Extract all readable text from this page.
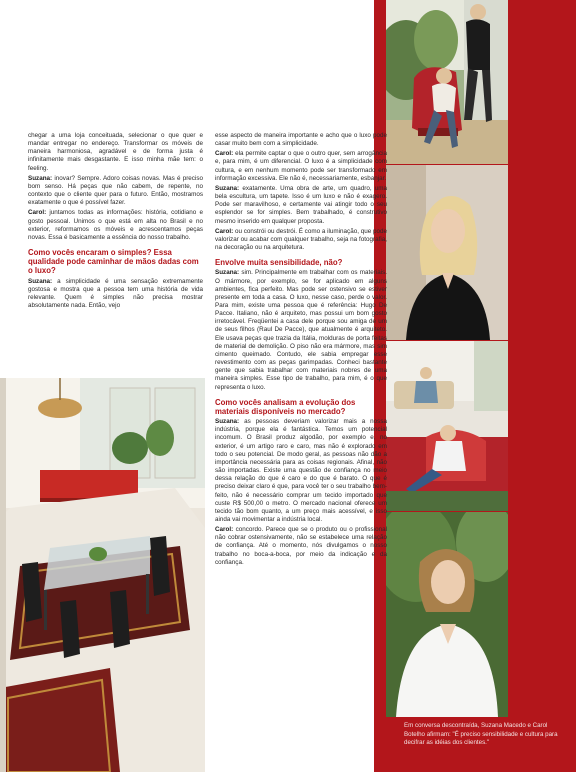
chegar a uma loja conceituada, selecionar o que quer e mandar entregar no endereço. Transformar os móveis de maneira harmoniosa, agradável e de forma justa é infinitamente mais desgastante. E isso minha mãe tem: o feeling.

Suzana: inovar? Sempre. Adoro coisas novas. Mas é preciso bom senso. Há peças que não cabem, de repente, no contexto que o cliente quer para o futuro. Então, mostramos exatamente o que é possível fazer.

Carol: juntamos todas as informações: história, cotidiano e gosto pessoal. Unimos o que está em alta no Brasil e no exterior, reformamos os móveis e acrescentamos peças novas. Essa é basicamente a essência do nosso trabalho.

Como vocês encaram o simples? Essa qualidade pode caminhar de mãos dadas com o luxo?

Suzana: a simplicidade é uma sensação extremamente gostosa e mostra que a pessoa tem uma história de vida relevante. Quem é simples não precisa mostrar absolutamente nada. Então, vejo

esse aspecto de maneira importante e acho que o luxo pode casar muito bem com a simplicidade.

Carol: ela permite captar o que o outro quer, sem arrogância e, para mim, é um diferencial. O luxo é a simplicidade com cultura, e em nenhum momento pode ser transformado em informação excessiva. Ele não é, necessariamente, esbanjar.

Suzana: exatamente. Uma obra de arte, um quadro, uma bela escultura, um tapete. Isso é um luxo e não é exagero. Pode ser maravilhoso, e certamente vai atingir todo o seu esplendor se for simples. Bem trabalhado, é construtivo mesmo inserido em qualquer proposta.

Carol: ou constrói ou destrói. É como a iluminação, que pode valorizar ou acabar com qualquer trabalho, seja na fotografia, na decoração ou na arquitetura.

Envolve muita sensibilidade, não?

Suzana: sim. Principalmente em trabalhar com os materiais. O mármore, por exemplo, se for aplicado em alguns ambientes, fica perfeito. Mas pode ser ostensivo se estiver presente em toda a casa. O luxo, nesse caso, perde o valor. Para mim, existe uma pessoa que é referência: Hugo De Pacce. Italiano, não é arquiteto, mas possui um bom gosto irretocável. Freqüentei a casa dele porque sou amiga de um de seus filhos (Raul De Pacce), que atualmente é arquiteto. Ele usava peças que trazia da Itália, molduras de porta feitas de material de demolição. O piso não era mármore, mas sim cimento queimado. Contudo, ele sabia empregar esse revestimento com as peças garimpadas. Conheci bastante gente que sabia trabalhar com materiais nobres de uma maneira simples. Esse tipo de trabalho, para mim, é o que representa o luxo.

Como vocês analisam a evolução dos materiais disponíveis no mercado?

Suzana: as pessoas deveriam valorizar mais a nossa indústria, porque ela é fantástica. Temos um potencial incomum. O Brasil produz algodão, por exemplo e, no exterior, é um artigo raro e caro, mas não é explorado em todo o seu potencial. De modo geral, as pessoas não dão a importância necessária para as coisas regionais. Afinal, não são importadas. Existe uma questão de confiança no meio dessa relação do que é caro e do que é barato. O que é preciso deixar claro é que, para você ter o seu trabalho bem-feito, não é necessário comprar um tecido importado que custe R$ 500,00 o metro. O mercado nacional oferece um tecido tão bom quanto, a um preço mais acessível, e isso ainda vai movimentar a indústria local.

Carol: concordo. Parece que se o produto ou o profissional não cobrar ostensivamente, não se estabelece uma relação de confiança. Até o momento, nós divulgamos o nosso trabalho no boca-a-boca, por meio da indicação e da confiança.

Em conversa descontraída, Suzana Macedo e Carol Botelho afirmam: "É preciso sensibilidade e cultura para decifrar as idéias dos clientes."
